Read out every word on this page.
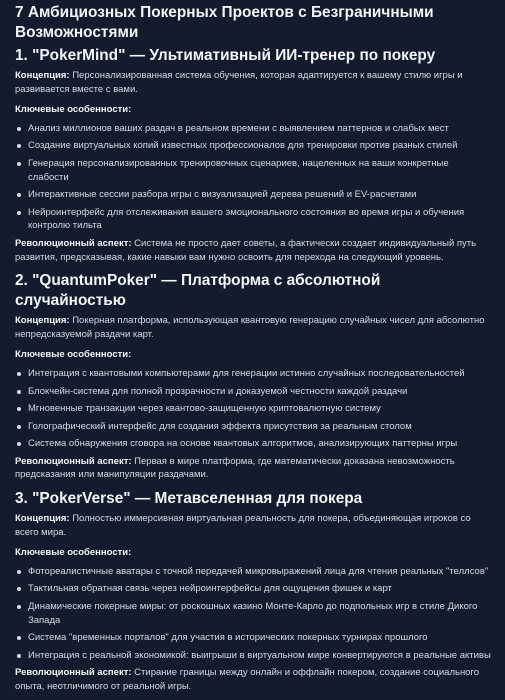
7 Амбициозных Покерных Проектов с Безграничными Возможностями
1. "PokerMind" — Ультимативный ИИ-тренер по покеру

Концепция: Персонализированная система обучения, которая адаптируется к вашему стилю игры и развивается вместе с вами.

Ключевые особенности:

Анализ миллионов ваших раздач в реальном времени с выявлением паттернов и слабых мест
Создание виртуальных копий известных профессионалов для тренировки против разных стилей
Генерация персонализированных тренировочных сценариев, нацеленных на ваши конкретные слабости
Интерактивные сессии разбора игры с визуализацией дерева решений и EV-расчетами
Нейроинтерфейс для отслеживания вашего эмоционального состояния во время игры и обучения контролю тильта

Революционный аспект: Система не просто дает советы, а фактически создает индивидуальный путь развития, предсказывая, какие навыки вам нужно освоить для перехода на следующий уровень.

2. "QuantumPoker" — Платформа с абсолютной случайностью

Концепция: Покерная платформа, использующая квантовую генерацию случайных чисел для абсолютно непредсказуемой раздачи карт.

Ключевые особенности:

Интеграция с квантовыми компьютерами для генерации истинно случайных последовательностей
Блокчейн-система для полной прозрачности и доказуемой честности каждой раздачи
Мгновенные транзакции через квантово-защищенную криптовалютную систему
Голографический интерфейс для создания эффекта присутствия за реальным столом
Система обнаружения сговора на основе квантовых алгоритмов, анализирующих паттерны игры

Революционный аспект: Первая в мире платформа, где математически доказана невозможность предсказания или манипуляции раздачами.

3. "PokerVerse" — Метавселенная для покера

Концепция: Полностью иммерсивная виртуальная реальность для покера, объединяющая игроков со всего мира.

Ключевые особенности:

Фотореалистичные аватары с точной передачей микровыражений лица для чтения реальных "теллсов"
Тактильная обратная связь через нейроинтерфейсы для ощущения фишек и карт
Динамические покерные миры: от роскошных казино Монте-Карло до подпольных игр в стиле Дикого Запада
Система "временных порталов" для участия в исторических покерных турнирах прошлого
Интеграция с реальной экономикой: выигрыши в виртуальном мире конвертируются в реальные активы

Революционный аспект: Стирание границы между онлайн и оффлайн покером, создание социального опыта, неотличимого от реальной игры.
